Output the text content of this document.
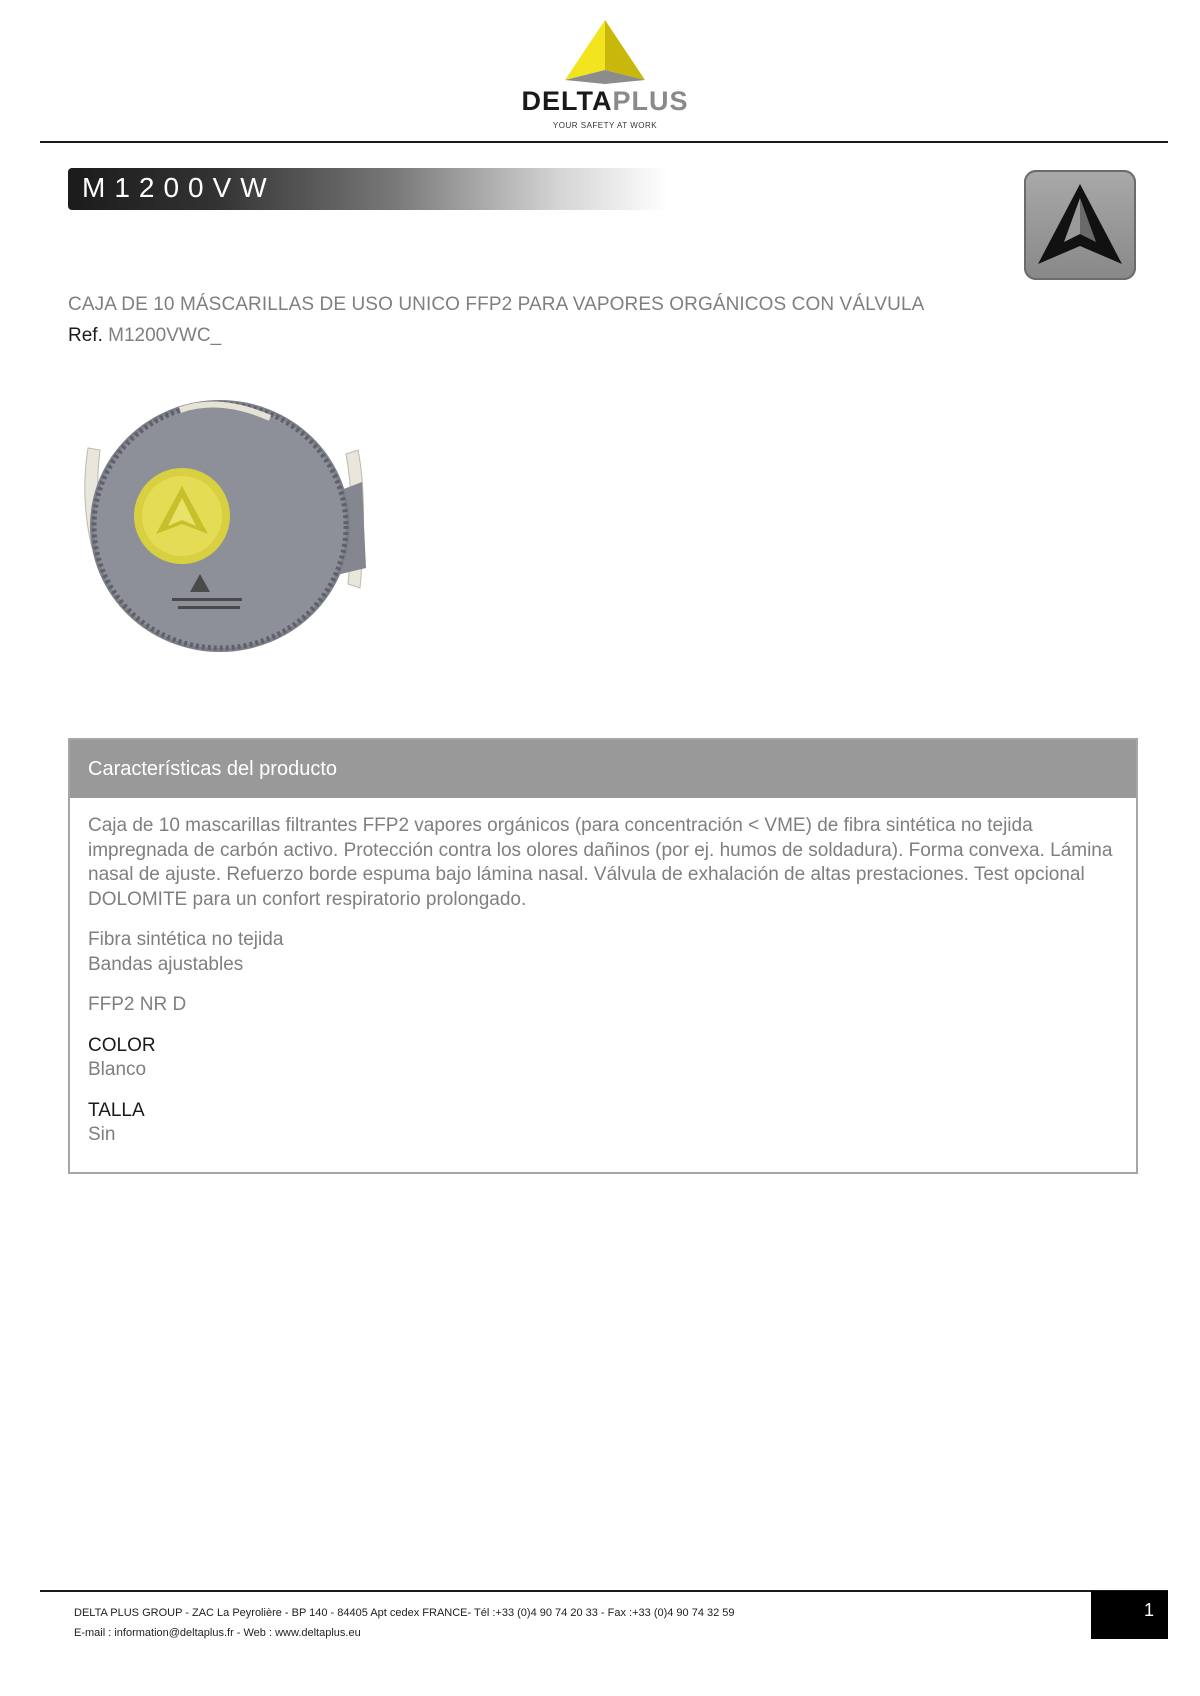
DELTAPLUS
YOUR SAFETY AT WORK
M1200VW
CAJA DE 10 MÁSCARILLAS DE USO UNICO FFP2 PARA VAPORES ORGÁNICOS CON VÁLVULA
Ref. M1200VWC_
Características del producto

Caja de 10 mascarillas filtrantes FFP2 vapores orgánicos (para concentración < VME) de fibra sintética no tejida impregnada de carbón activo. Protección contra los olores dañinos (por ej. humos de soldadura). Forma convexa. Lámina nasal de ajuste. Refuerzo borde espuma bajo lámina nasal. Válvula de exhalación de altas prestaciones. Test opcional DOLOMITE para un confort respiratorio prolongado.

Fibra sintética no tejida

Bandas ajustables

FFP2 NR D

COLOR

Blanco

TALLA

Sin

DELTA PLUS GROUP - ZAC La Peyrolière - BP 140 - 84405 Apt cedex FRANCE- Tél :+33 (0)4 90 74 20 33 - Fax :+33 (0)4 90 74 32 59
E-mail : information@deltaplus.fr - Web : www.deltaplus.eu
1
